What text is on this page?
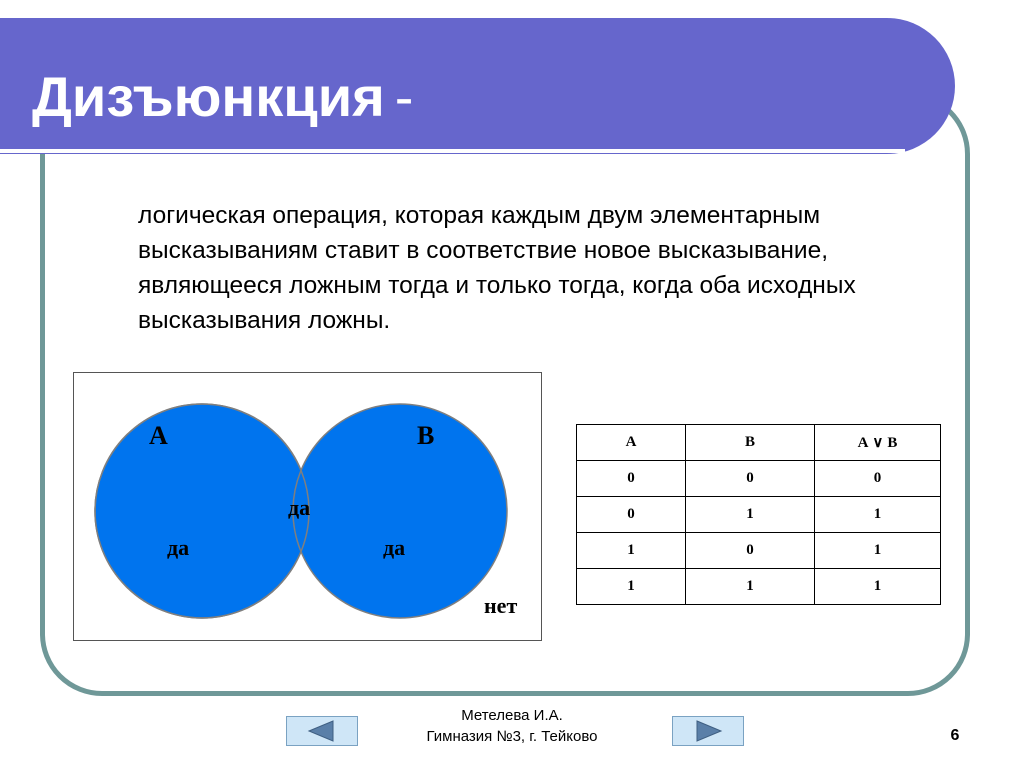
Дизъюнкция -
логическая операция, которая каждым двум элементарным высказываниям ставит в соответствие новое высказывание, являющееся ложным тогда и только тогда, когда оба исходных высказывания ложны.
A	B
да
да
да
нет
A	B	A ∨ B
0	0	0
0	1	1
1	0	1
1	1	1
Метелева И.А.
Гимназия №3, г. Тейково	6
